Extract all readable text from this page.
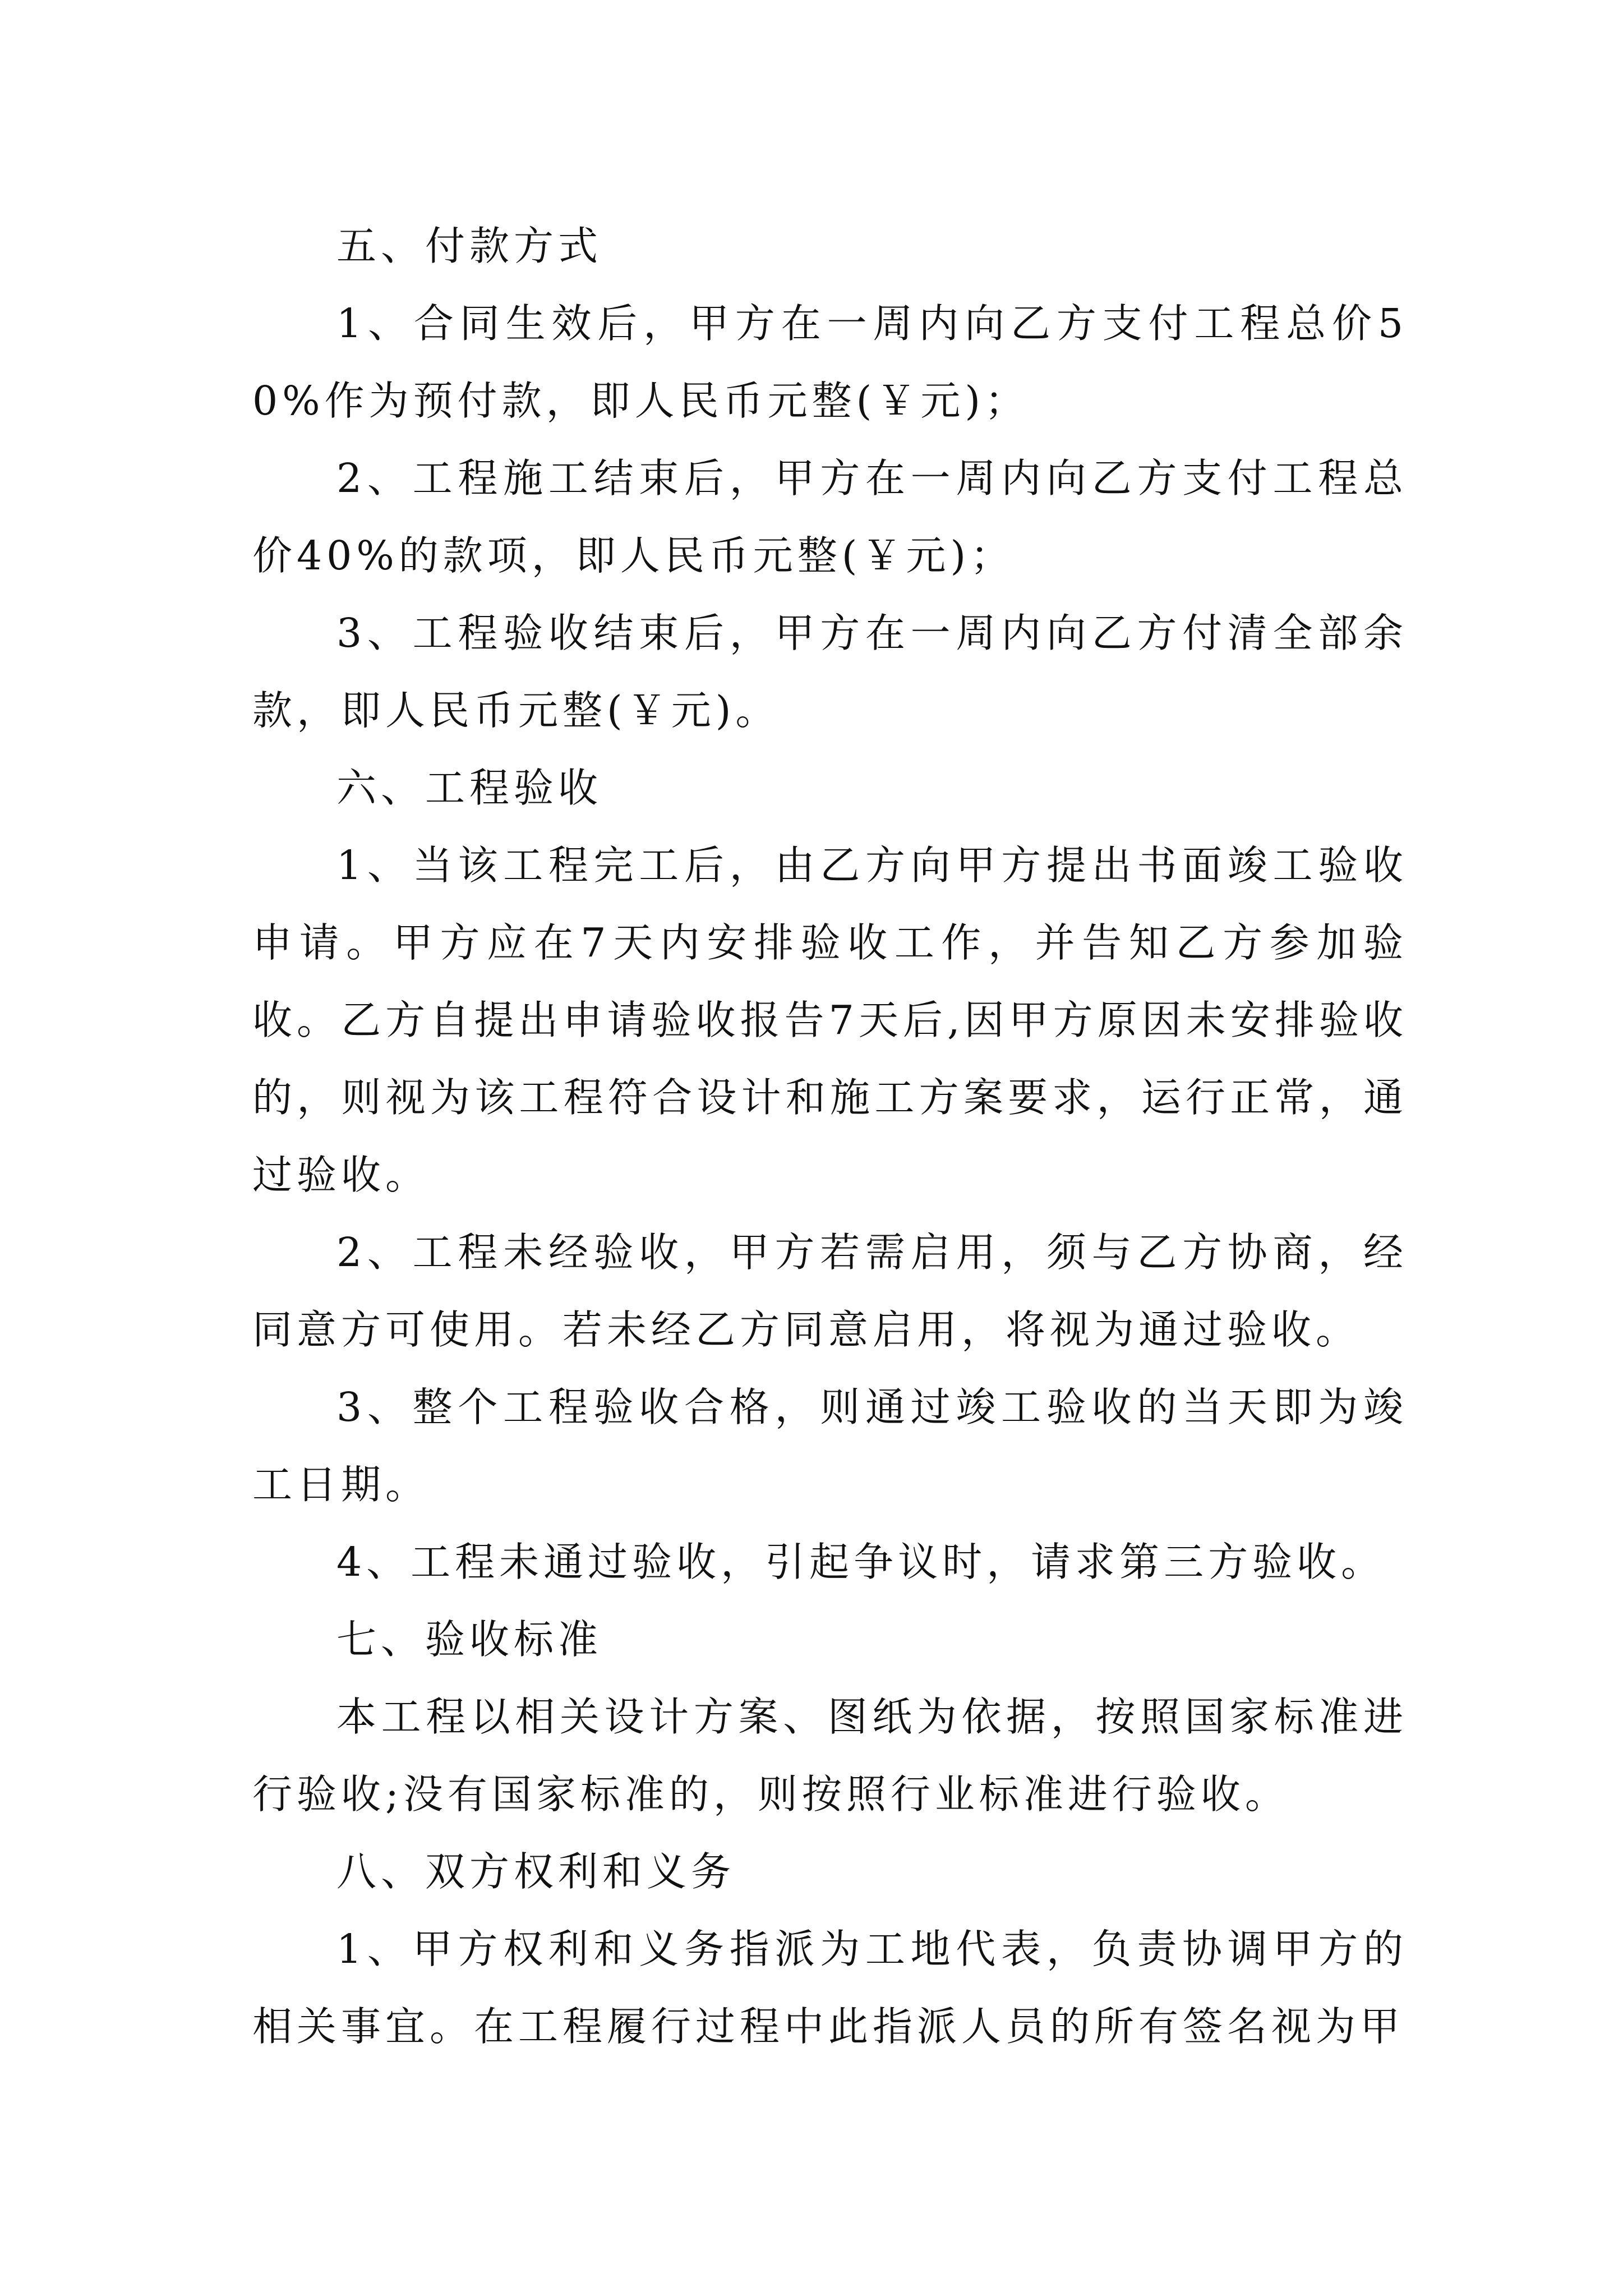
五、付款方式

1、合同生效后，甲方在一周内向乙方支付工程总价50%作为预付款，即人民币元整(￥元)；

2、工程施工结束后，甲方在一周内向乙方支付工程总价40%的款项，即人民币元整(￥元)；

3、工程验收结束后，甲方在一周内向乙方付清全部余款，即人民币元整(￥元)。

六、工程验收

1、当该工程完工后，由乙方向甲方提出书面竣工验收申请。甲方应在7天内安排验收工作，并告知乙方参加验收。乙方自提出申请验收报告7天后,因甲方原因未安排验收的，则视为该工程符合设计和施工方案要求，运行正常，通过验收。

2、工程未经验收，甲方若需启用，须与乙方协商，经同意方可使用。若未经乙方同意启用，将视为通过验收。

3、整个工程验收合格，则通过竣工验收的当天即为竣工日期。

4、工程未通过验收，引起争议时，请求第三方验收。

七、验收标准

本工程以相关设计方案、图纸为依据，按照国家标准进行验收;没有国家标准的，则按照行业标准进行验收。

八、双方权利和义务

1、甲方权利和义务指派为工地代表，负责协调甲方的相关事宜。在工程履行过程中此指派人员的所有签名视为甲
